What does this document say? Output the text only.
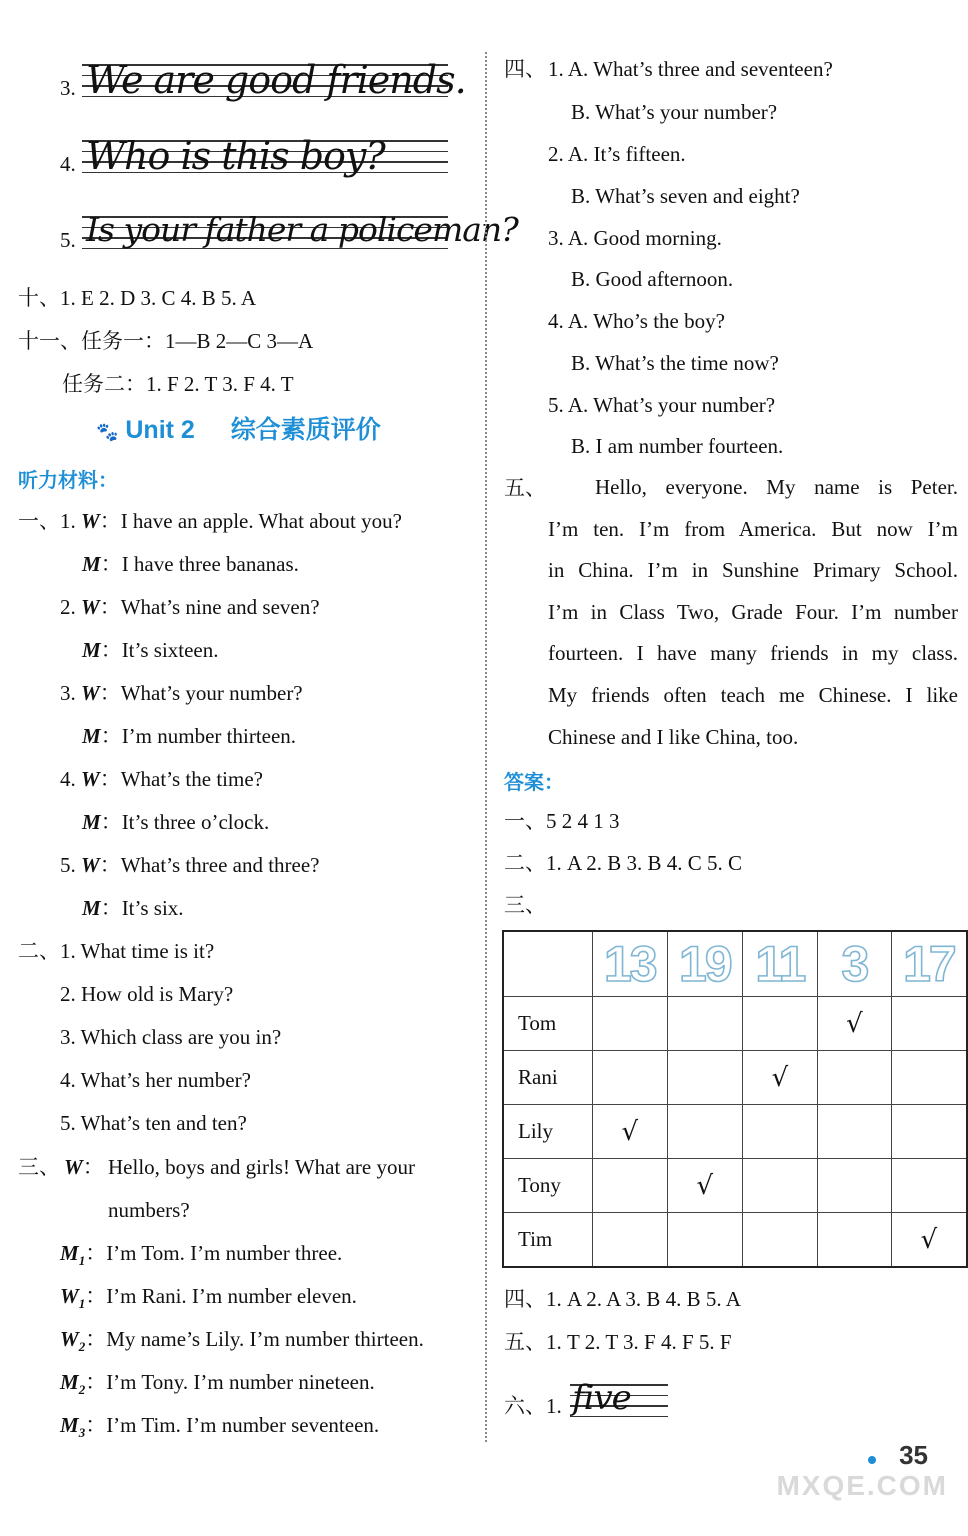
3. We are good friends.
4. Who is this boy?
5. Is your father a policeman?
十、1. E 2. D 3. C 4. B 5. A
十一、任务一：1—B 2—C 3—A
任务二：1. F 2. T 3. F 4. T
🐾 Unit 2 综合素质评价
听力材料：
一、 1. W：I have an apple. What about you?
M：I have three bananas.
2. W：What’s nine and seven?
M：It’s sixteen.
3. W：What’s your number?
M：I’m number thirteen.
4. W：What’s the time?
M：It’s three o’clock.
5. W：What’s three and three?
M：It’s six.
二、 1. What time is it?
2. How old is Mary?
3. Which class are you in?
4. What’s her number?
5. What’s ten and ten?
三、 W： Hello, boys and girls! What are your
numbers?
$M_1$：I’m Tom. I’m number three.
$W_1$：I’m Rani. I’m number eleven.
$W_2$：My name’s Lily. I’m number thirteen.
$M_2$：I’m Tony. I’m number nineteen.
$M_3$：I’m Tim. I’m number seventeen.
四、 1. A. What’s three and seventeen?
B. What’s your number?
2. A. It’s fifteen.
B. What’s seven and eight?
3. A. Good morning.
B. Good afternoon.
4. A. Who’s the boy?
B. What’s the time now?
5. A. What’s your number?
B. I am number fourteen.
五、 Hello, everyone. My name is Peter.
I’m ten. I’m from America. But now I’m
in China. I’m in Sunshine Primary School.
I’m in Class Two, Grade Four. I’m number
fourteen. I have many friends in my class.
My friends often teach me Chinese. I like
Chinese and I like China, too.
答案：
一、5 2 4 1 3
二、1. A 2. B 3. B 4. C 5. C
三、
	13	19	11	3	17
Tom				√	
Rani			√		
Lily	√				
Tony		√			
Tim					√
四、1. A 2. A 3. B 4. B 5. A
五、1. T 2. T 3. F 4. F 5. F
六、1. five
35
MXQE.COM
